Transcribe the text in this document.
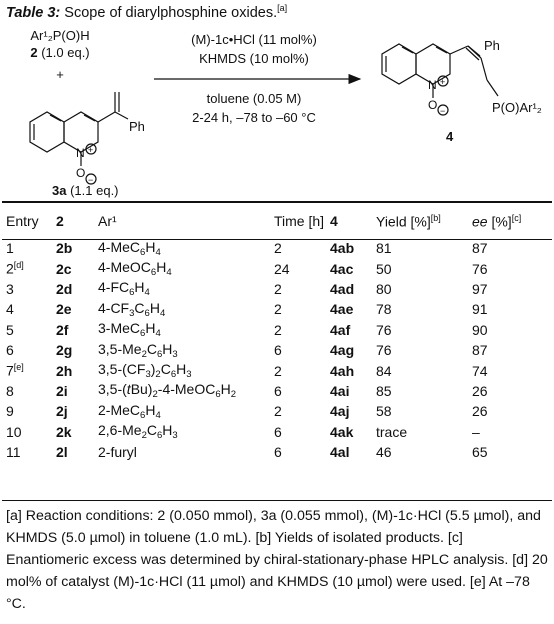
Table 3: Scope of diarylphosphine oxides.[a]
Ar¹₂P(O)H
2 (1.0 eq.)
+
N +
O −
Ph
3a (1.1 eq.)
(M)-1c•HCl (11 mol%)
KHMDS (10 mol%)
toluene (0.05 M)
2-24 h, –78 to –60 °C
N +
O −
Ph
P(O)Ar¹₂
4
Entry	2	Ar¹	Time [h]	4	Yield [%][b]	ee [%][c]
1	2b	$4-MeC_6H_4$	2	4ab	81	87
2[d]	2c	$4-MeOC_6H_4$	24	4ac	50	76
3	2d	$4-FC_6H_4$	2	4ad	80	97
4	2e	$4-CF_3C_6H_4$	2	4ae	78	91
5	2f	$3-MeC_6H_4$	2	4af	76	90
6	2g	$3,5-Me_2C_6H_3$	6	4ag	76	87
7[e]	2h	$3,5-(CF_3)_2C_6H_3$	2	4ah	84	74
8	2i	$3,5-(tBu)_2-4-MeOC_6H_2$	6	4ai	85	26
9	2j	$2-MeC_6H_4$	2	4aj	58	26
10	2k	$2,6-Me_2C_6H_3$	6	4ak	trace	–
11	2l	2-furyl	6	4al	46	65
[a] Reaction conditions: 2 (0.050 mmol), 3a (0.055 mmol), (M)-1c·HCl (5.5 µmol), and KHMDS (5.0 µmol) in toluene (1.0 mL). [b] Yields of isolated products. [c] Enantiomeric excess was determined by chiral-stationary-phase HPLC analysis. [d] 20 mol% of catalyst (M)-1c·HCl (11 µmol) and KHMDS (10 µmol) were used. [e] At –78 °C.
